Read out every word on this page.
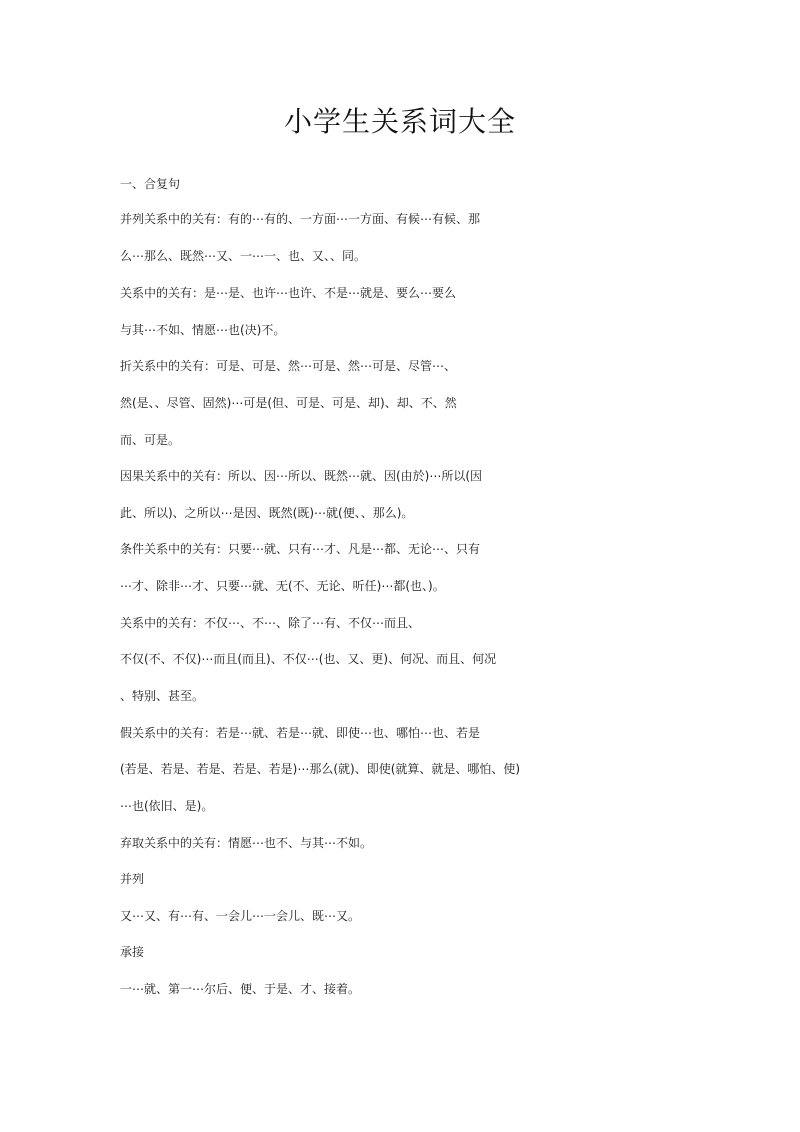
小学生关系词大全
一、合复句
并列关系中的关有：有的⋯有的、一方面⋯一方面、有候⋯有候、那
么⋯那么、既然⋯又、一⋯一、也、又、、同。
关系中的关有：是⋯是、也许⋯也许、不是⋯就是、要么⋯要么
与其⋯不如、情愿⋯也(决)不。
折关系中的关有：可是、可是、然⋯可是、然⋯可是、尽管⋯、
然(是、、尽管、固然)⋯可是(但、可是、可是、却)、却、不、然
而、可是。
因果关系中的关有：所以、因⋯所以、既然⋯就、因(由於)⋯所以(因
此、所以)、之所以⋯是因、既然(既)⋯就(便、、那么)。
条件关系中的关有：只要⋯就、只有⋯才、凡是⋯都、无论⋯、只有
⋯才、除非⋯才、只要⋯就、无(不、无论、听任)⋯都(也、)。
关系中的关有：不仅⋯、不⋯、除了⋯有、不仅⋯而且、
不仅(不、不仅)⋯而且(而且)、不仅⋯(也、又、更)、何况、而且、何况
、特别、甚至。
假关系中的关有：若是⋯就、若是⋯就、即使⋯也、哪怕⋯也、若是
(若是、若是、若是、若是、若是)⋯那么(就)、即使(就算、就是、哪怕、使)
⋯也(依旧、是)。
弃取关系中的关有：情愿⋯也不、与其⋯不如。
并列
又⋯又、有⋯有、一会儿⋯一会儿、既⋯又。
承接
一⋯就、第一⋯尔后、便、于是、才、接着。
